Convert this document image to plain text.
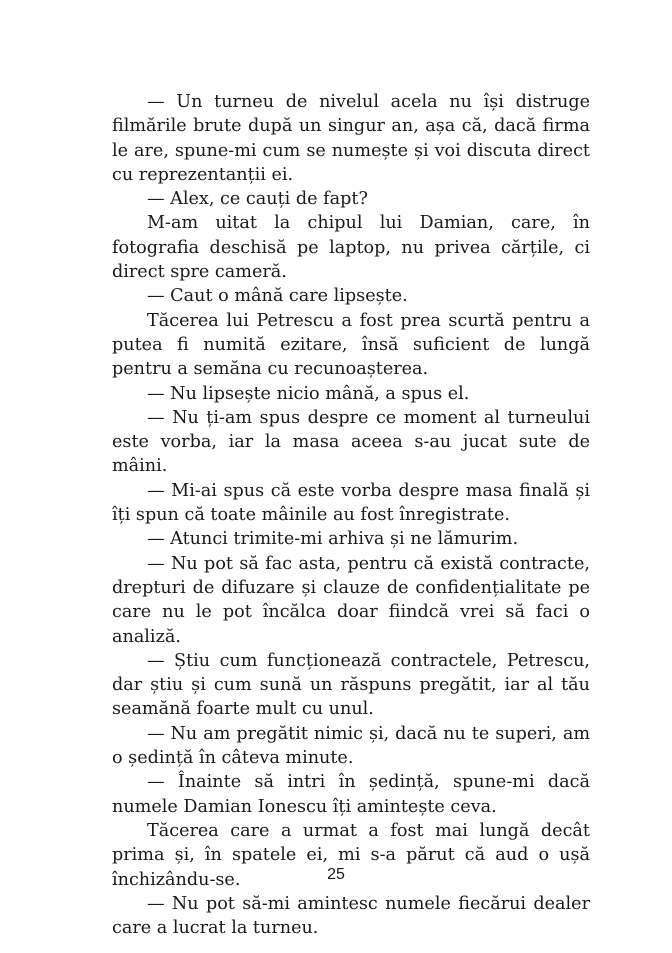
— Un turneu de nivelul acela nu își distruge filmările brute după un singur an, așa că, dacă firma le are, spune-mi cum se numește și voi discuta direct cu reprezentanții ei.

— Alex, ce cauți de fapt?

M-am uitat la chipul lui Damian, care, în fotografia deschisă pe laptop, nu privea cărțile, ci direct spre cameră.

— Caut o mână care lipsește.

Tăcerea lui Petrescu a fost prea scurtă pentru a putea fi numită ezitare, însă suficient de lungă pentru a semăna cu recunoașterea.

— Nu lipsește nicio mână, a spus el.

— Nu ți-am spus despre ce moment al turneului este vorba, iar la masa aceea s-au jucat sute de mâini.

— Mi-ai spus că este vorba despre masa finală și îți spun că toate mâinile au fost înregistrate.

— Atunci trimite-mi arhiva și ne lămurim.

— Nu pot să fac asta, pentru că există contracte, drepturi de difuzare și clauze de confidențialitate pe care nu le pot încălca doar fiindcă vrei să faci o analiză.

— Știu cum funcționează contractele, Petrescu, dar știu și cum sună un răspuns pregătit, iar al tău seamănă foarte mult cu unul.

— Nu am pregătit nimic și, dacă nu te superi, am o ședință în câteva minute.

— Înainte să intri în ședință, spune-mi dacă numele Damian Ionescu îți amintește ceva.

Tăcerea care a urmat a fost mai lungă decât prima și, în spatele ei, mi s-a părut că aud o ușă închizându-se.

— Nu pot să-mi amintesc numele fiecărui dealer care a lucrat la turneu.

25
